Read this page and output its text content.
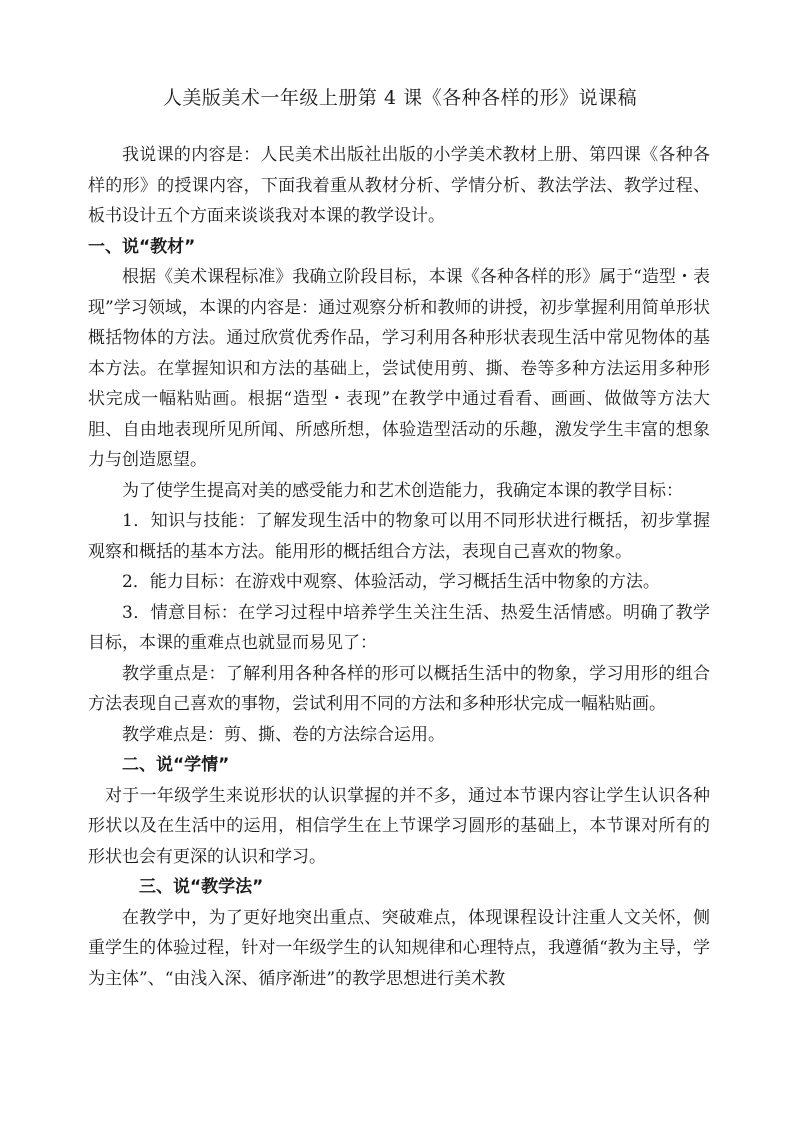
人美版美术一年级上册第 4 课《各种各样的形》说课稿

我说课的内容是：人民美术出版社出版的小学美术教材上册、第四课《各种各样的形》的授课内容，下面我着重从教材分析、学情分析、教法学法、教学过程、板书设计五个方面来谈谈我对本课的教学设计。

一、说“教材”

根据《美术课程标准》我确立阶段目标，本课《各种各样的形》属于“造型・表现”学习领域，本课的内容是：通过观察分析和教师的讲授，初步掌握利用简单形状概括物体的方法。通过欣赏优秀作品，学习利用各种形状表现生活中常见物体的基本方法。在掌握知识和方法的基础上，尝试使用剪、撕、卷等多种方法运用多种形状完成一幅粘贴画。根据“造型・表现”在教学中通过看看、画画、做做等方法大胆、自由地表现所见所闻、所感所想，体验造型活动的乐趣，激发学生丰富的想象力与创造愿望。

为了使学生提高对美的感受能力和艺术创造能力，我确定本课的教学目标：

1．知识与技能：了解发现生活中的物象可以用不同形状进行概括，初步掌握观察和概括的基本方法。能用形的概括组合方法，表现自己喜欢的物象。

2．能力目标：在游戏中观察、体验活动，学习概括生活中物象的方法。

3．情意目标：在学习过程中培养学生关注生活、热爱生活情感。明确了教学目标，本课的重难点也就显而易见了：

教学重点是：了解利用各种各样的形可以概括生活中的物象，学习用形的组合方法表现自己喜欢的事物，尝试利用不同的方法和多种形状完成一幅粘贴画。

教学难点是：剪、撕、卷的方法综合运用。

二、说“学情”

对于一年级学生来说形状的认识掌握的并不多，通过本节课内容让学生认识各种形状以及在生活中的运用，相信学生在上节课学习圆形的基础上，本节课对所有的形状也会有更深的认识和学习。

三、说“教学法”

在教学中，为了更好地突出重点、突破难点，体现课程设计注重人文关怀，侧重学生的体验过程，针对一年级学生的认知规律和心理特点，我遵循“教为主导，学为主体”、“由浅入深、循序渐进”的教学思想进行美术教
